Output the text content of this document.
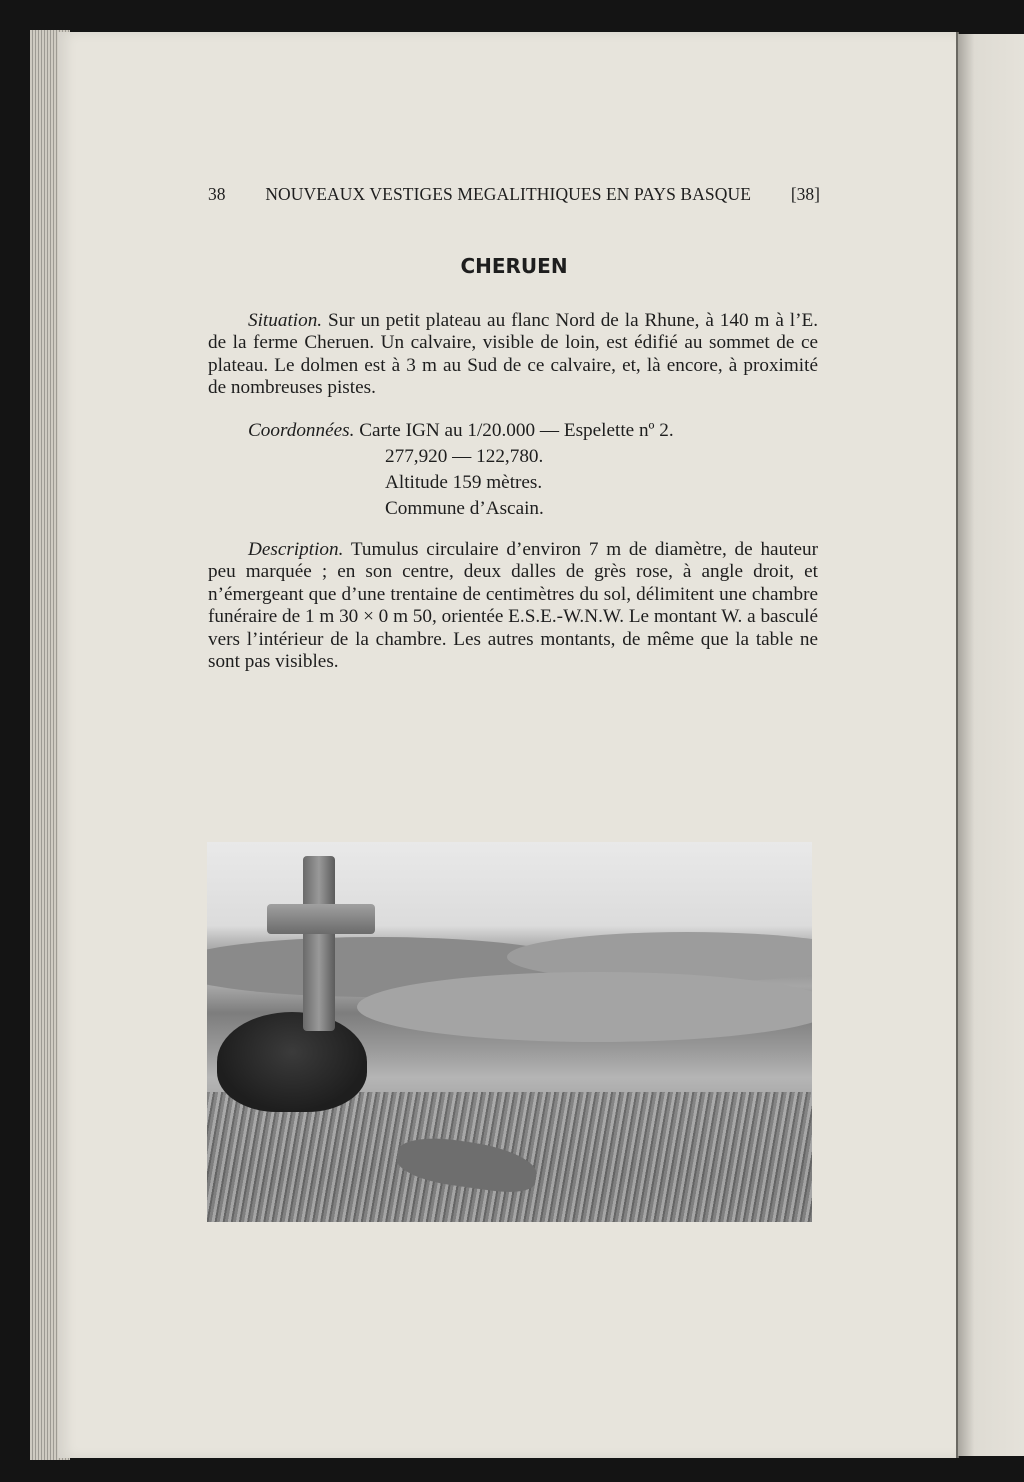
38 NOUVEAUX VESTIGES MEGALITHIQUES EN PAYS BASQUE [38]
CHERUEN

Situation. Sur un petit plateau au flanc Nord de la Rhune, à 140 m à l’E. de la ferme Cheruen. Un calvaire, visible de loin, est édifié au sommet de ce plateau. Le dolmen est à 3 m au Sud de ce calvaire, et, là encore, à proximité de nombreuses pistes.

Coordonnées. Carte IGN au 1/20.000 — Espelette nº 2.
277,920 — 122,780.
Altitude 159 mètres.
Commune d’Ascain.

Description. Tumulus circulaire d’environ 7 m de diamètre, de hauteur peu marquée ; en son centre, deux dalles de grès rose, à angle droit, et n’émergeant que d’une trentaine de centimètres du sol, délimitent une chambre funéraire de 1 m 30 × 0 m 50, orientée E.S.E.-W.N.W. Le montant W. a basculé vers l’intérieur de la chambre. Les autres montants, de même que la table ne sont pas visibles.
